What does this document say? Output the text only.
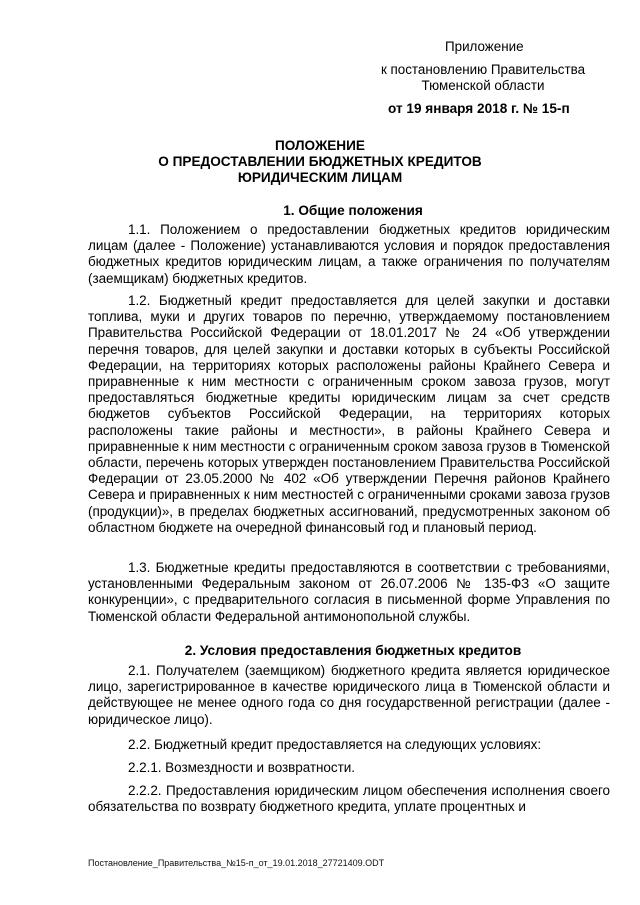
Приложение
к постановлению Правительства
Тюменской области
от 19 января 2018 г. № 15-п
ПОЛОЖЕНИЕ
О ПРЕДОСТАВЛЕНИИ БЮДЖЕТНЫХ КРЕДИТОВ
ЮРИДИЧЕСКИМ ЛИЦАМ
1. Общие положения
1.1. Положением о предоставлении бюджетных кредитов юридическим лицам (далее - Положение) устанавливаются условия и порядок предоставления бюджетных кредитов юридическим лицам, а также ограничения по получателям (заемщикам) бюджетных кредитов.
1.2. Бюджетный кредит предоставляется для целей закупки и доставки топлива, муки и других товаров по перечню, утверждаемому постановлением Правительства Российской Федерации от 18.01.2017 № 24 «Об утверждении перечня товаров, для целей закупки и доставки которых в субъекты Российской Федерации, на территориях которых расположены районы Крайнего Севера и приравненные к ним местности с ограниченным сроком завоза грузов, могут предоставляться бюджетные кредиты юридическим лицам за счет средств бюджетов субъектов Российской Федерации, на территориях которых расположены такие районы и местности», в районы Крайнего Севера и приравненные к ним местности с ограниченным сроком завоза грузов в Тюменской области, перечень которых утвержден постановлением Правительства Российской Федерации от 23.05.2000 № 402 «Об утверждении Перечня районов Крайнего Севера и приравненных к ним местностей с ограниченными сроками завоза грузов (продукции)», в пределах бюджетных ассигнований, предусмотренных законом об областном бюджете на очередной финансовый год и плановый период.
1.3. Бюджетные кредиты предоставляются в соответствии с требованиями, установленными Федеральным законом от 26.07.2006 № 135-ФЗ «О защите конкуренции», с предварительного согласия в письменной форме Управления по Тюменской области Федеральной антимонопольной службы.
2. Условия предоставления бюджетных кредитов
2.1. Получателем (заемщиком) бюджетного кредита является юридическое лицо, зарегистрированное в качестве юридического лица в Тюменской области и действующее не менее одного года со дня государственной регистрации (далее - юридическое лицо).
2.2. Бюджетный кредит предоставляется на следующих условиях:
2.2.1. Возмездности и возвратности.
2.2.2. Предоставления юридическим лицом обеспечения исполнения своего обязательства по возврату бюджетного кредита, уплате процентных и
Постановление_Правительства_№15-п_от_19.01.2018_27721409.ODT
